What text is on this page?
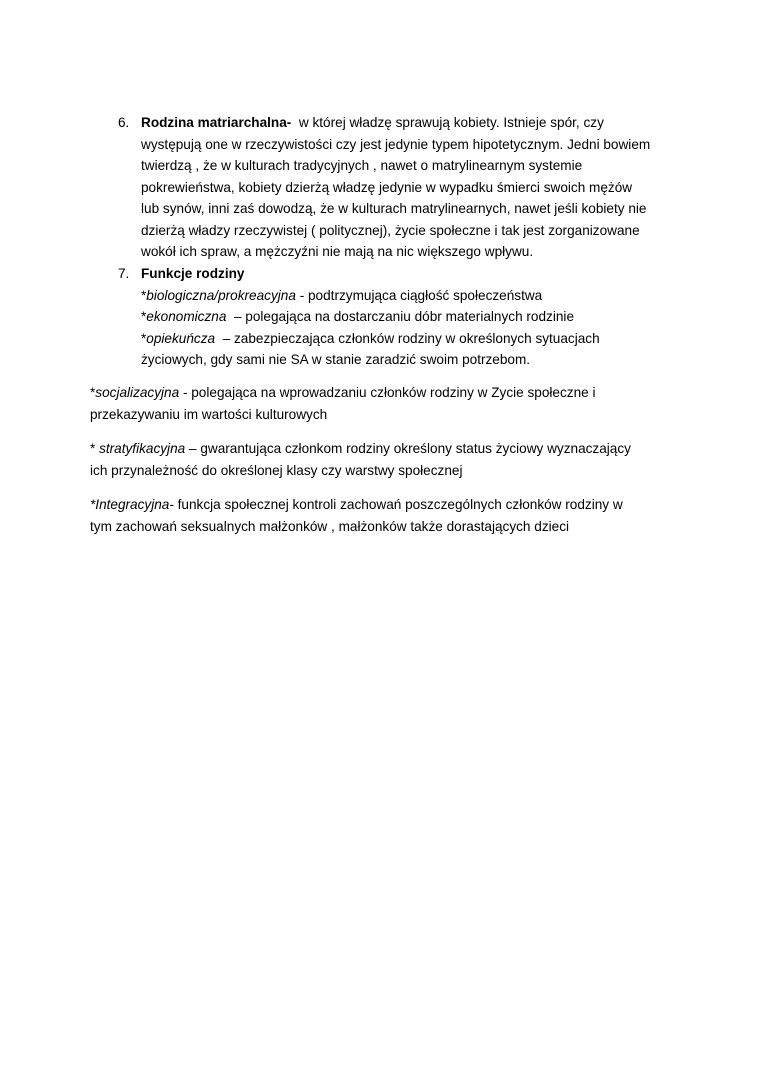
6. Rodzina matriarchalna-  w której władzę sprawują kobiety. Istnieje spór, czy
występują one w rzeczywistości czy jest jedynie typem hipotetycznym. Jedni bowiem
twierdzą , że w kulturach tradycyjnych , nawet o matrylinearnym systemie
pokrewieństwa, kobiety dzierżą władzę jedynie w wypadku śmierci swoich mężów
lub synów, inni zaś dowodzą, że w kulturach matrylinearnych, nawet jeśli kobiety nie
dzierżą władzy rzeczywistej ( politycznej), życie społeczne i tak jest zorganizowane
wokół ich spraw, a mężczyźni nie mają na nic większego wpływu.
7. Funkcje rodziny
*biologiczna/prokreacyjna - podtrzymująca ciągłość społeczeństwa
*ekonomiczna  – polegająca na dostarczaniu dóbr materialnych rodzinie
*opiekuńcza  – zabezpieczająca członków rodziny w określonych sytuacjach
życiowych, gdy sami nie SA w stanie zaradzić swoim potrzebom.
*socjalizacyjna - polegająca na wprowadzaniu członków rodziny w Zycie społeczne i
przekazywaniu im wartości kulturowych
* stratyfikacyjna – gwarantująca członkom rodziny określony status życiowy wyznaczający
ich przynależność do określonej klasy czy warstwy społecznej
*Integracyjna- funkcja społecznej kontroli zachowań poszczególnych członków rodziny w
tym zachowań seksualnych małżonków , małżonków także dorastających dzieci
